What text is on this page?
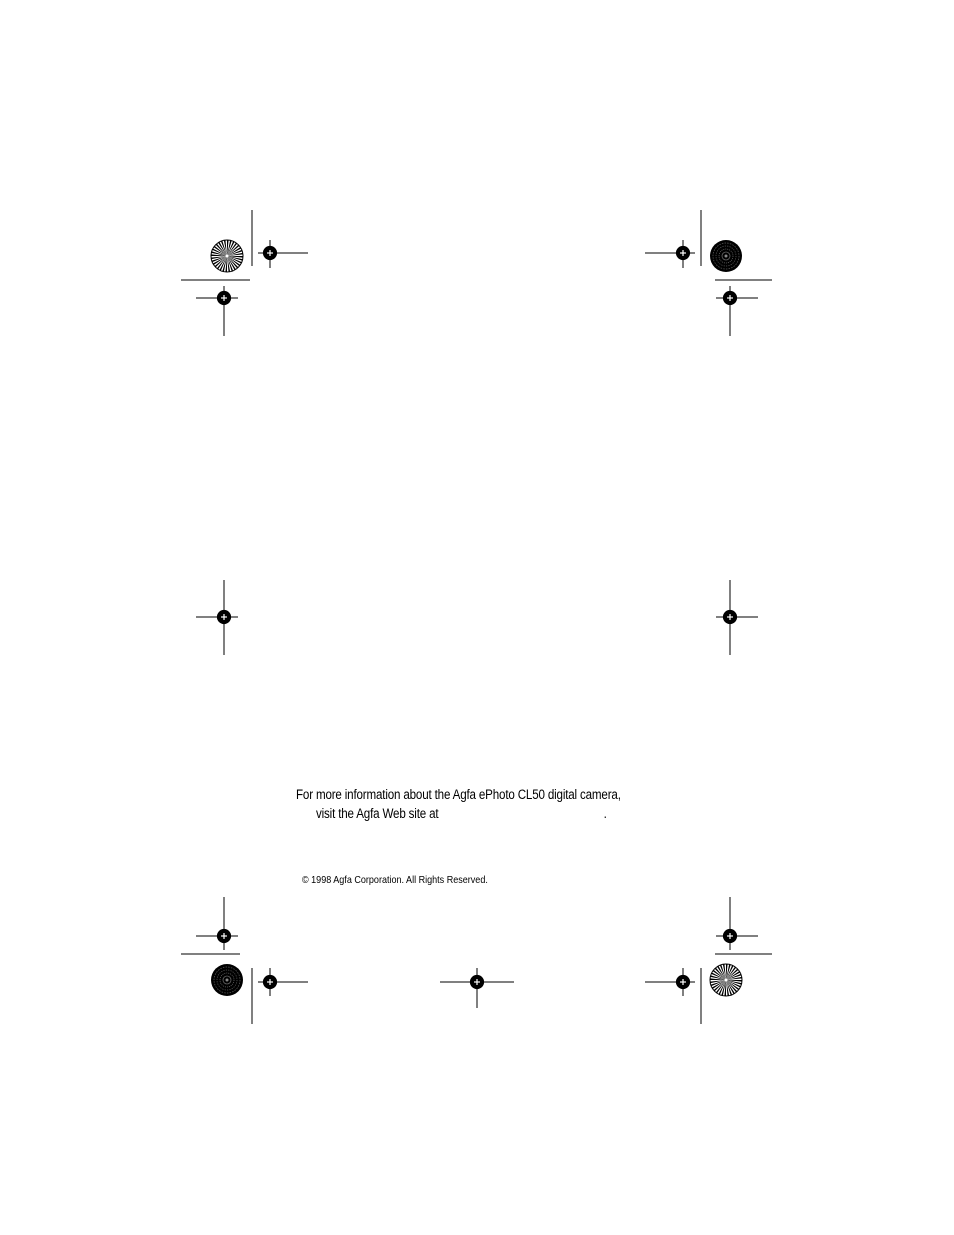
For more information about the Agfa ePhoto CL50 digital camera,
visit the Agfa Web site at	.
© 1998 Agfa Corporation. All Rights Reserved.
